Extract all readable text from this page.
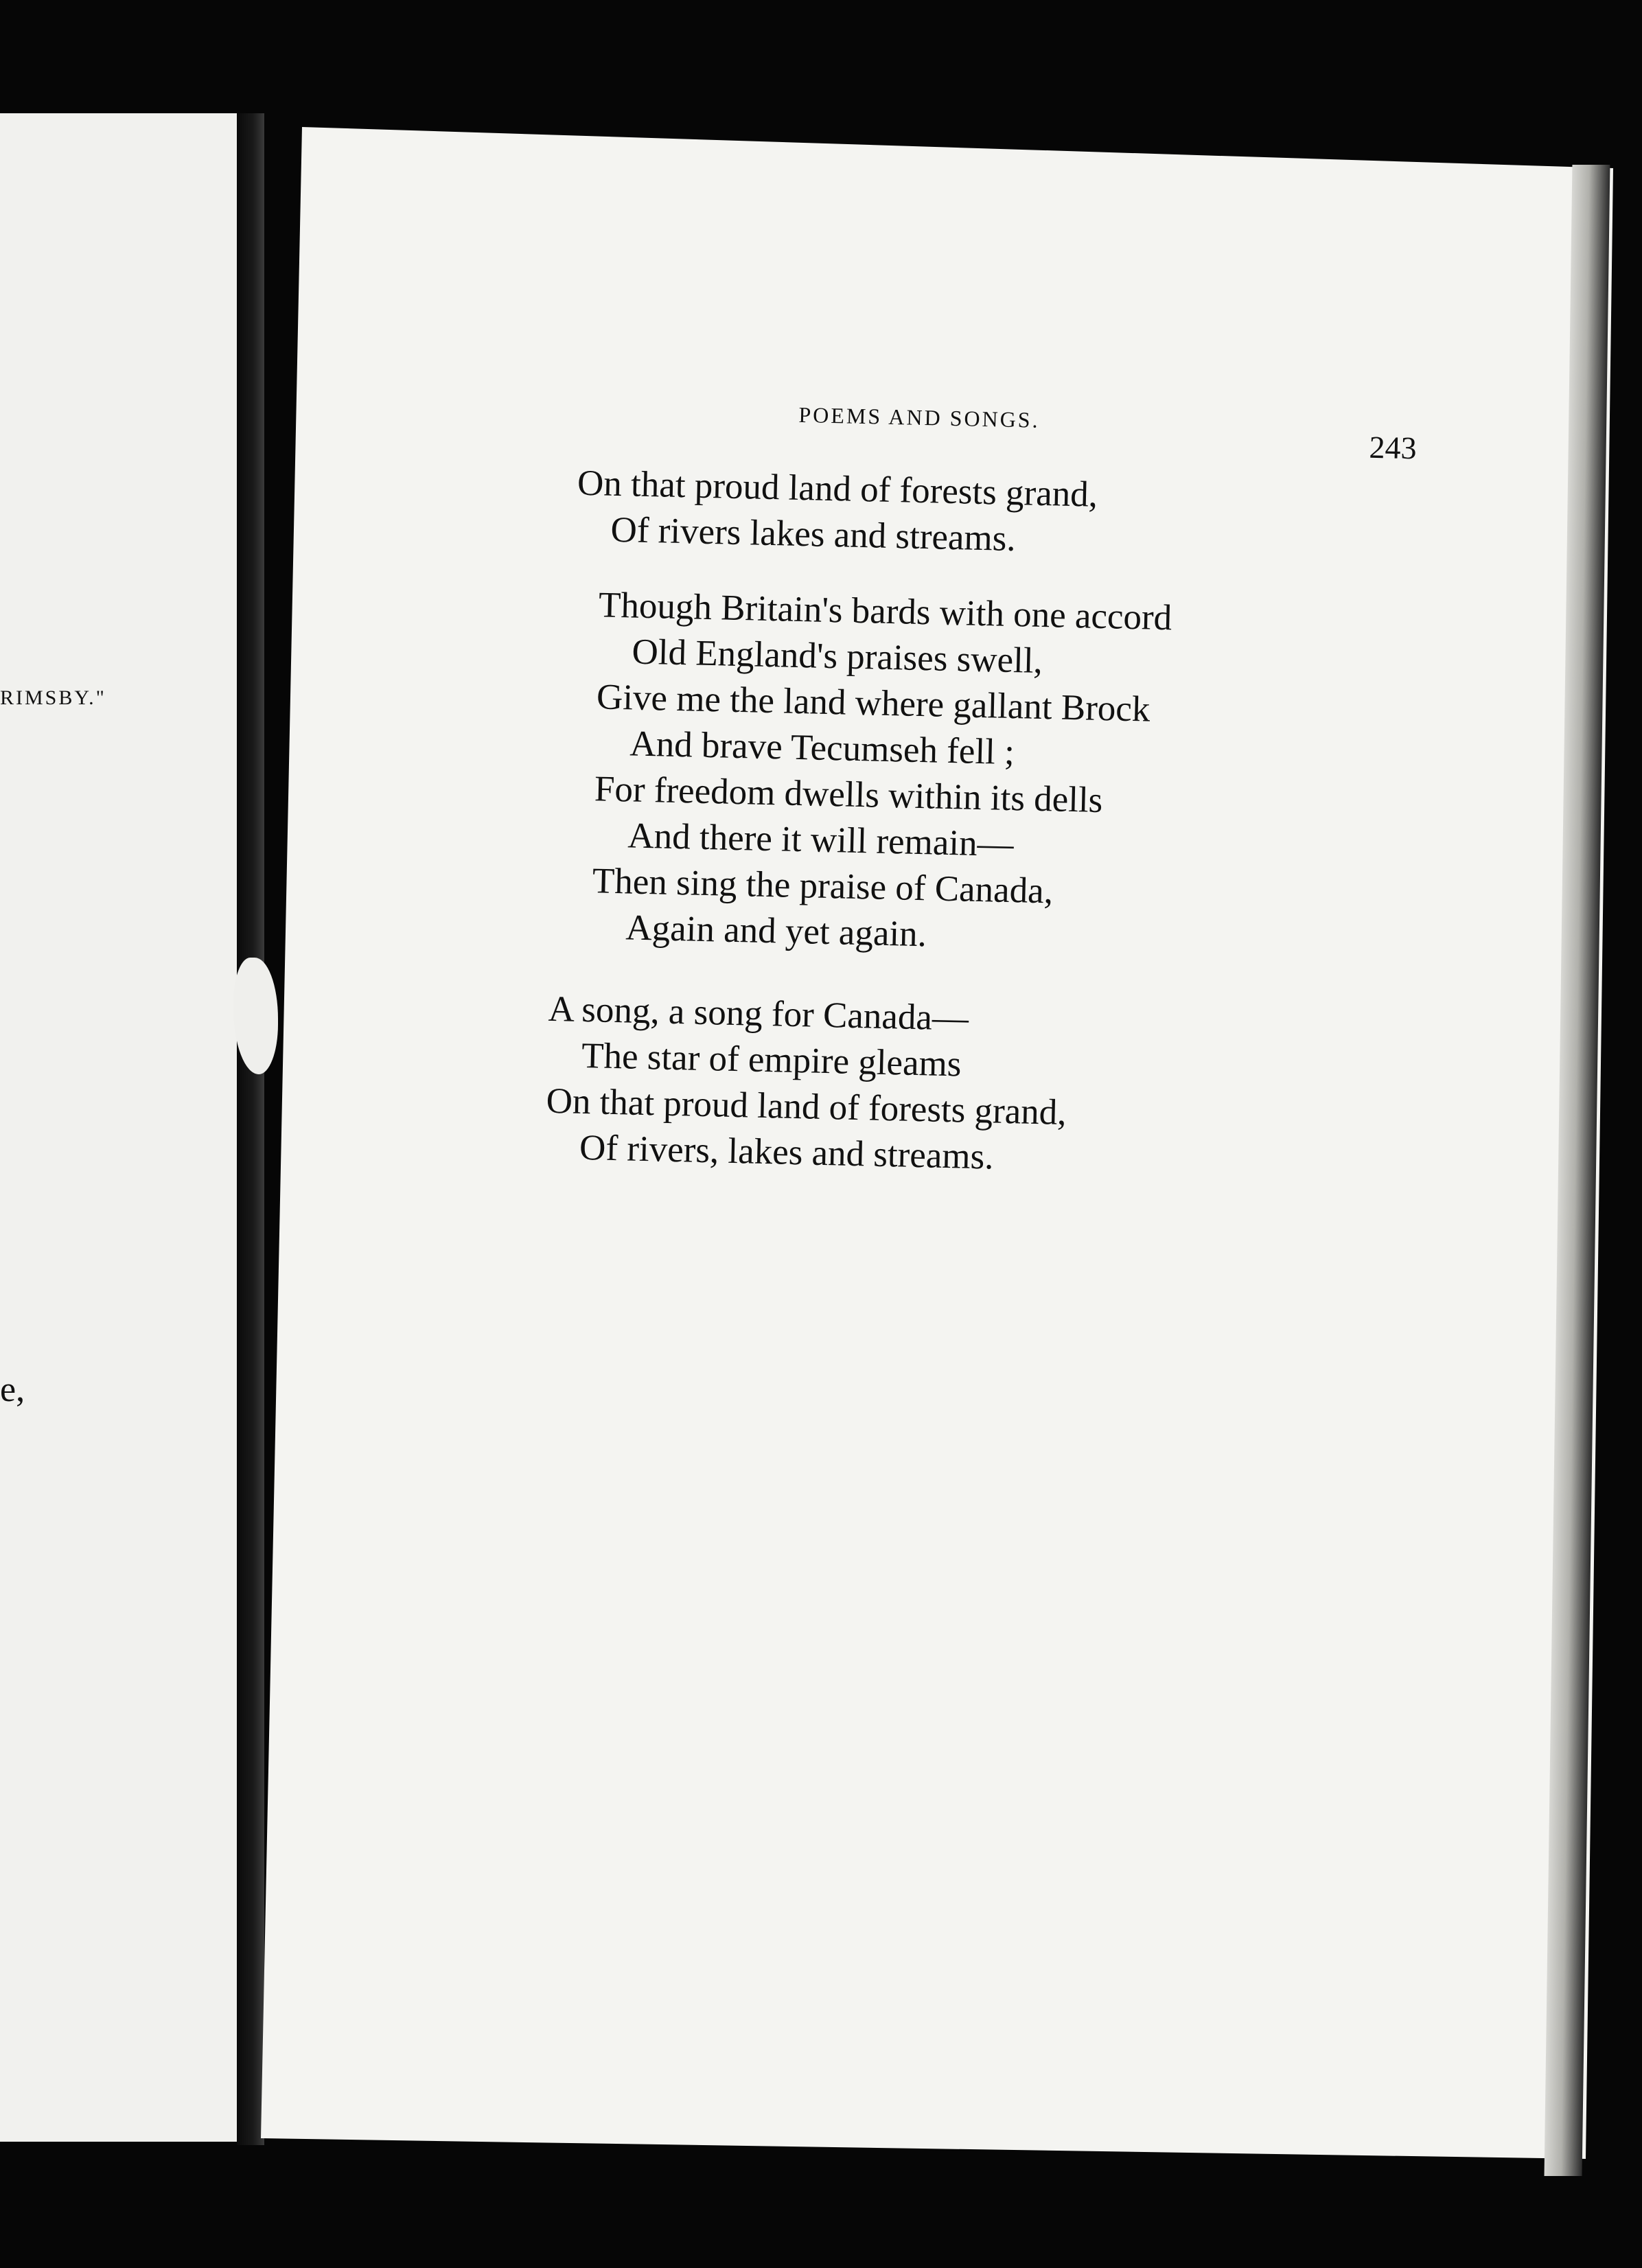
RIMSBY."
e,
POEMS AND SONGS.
243
On that proud land of forests grand,
Of rivers lakes and streams.
Though Britain's bards with one accord
Old England's praises swell,
Give me the land where gallant Brock
And brave Tecumseh fell ;
For freedom dwells within its dells
And there it will remain—
Then sing the praise of Canada,
Again and yet again.
A song, a song for Canada—
The star of empire gleams
On that proud land of forests grand,
Of rivers, lakes and streams.
